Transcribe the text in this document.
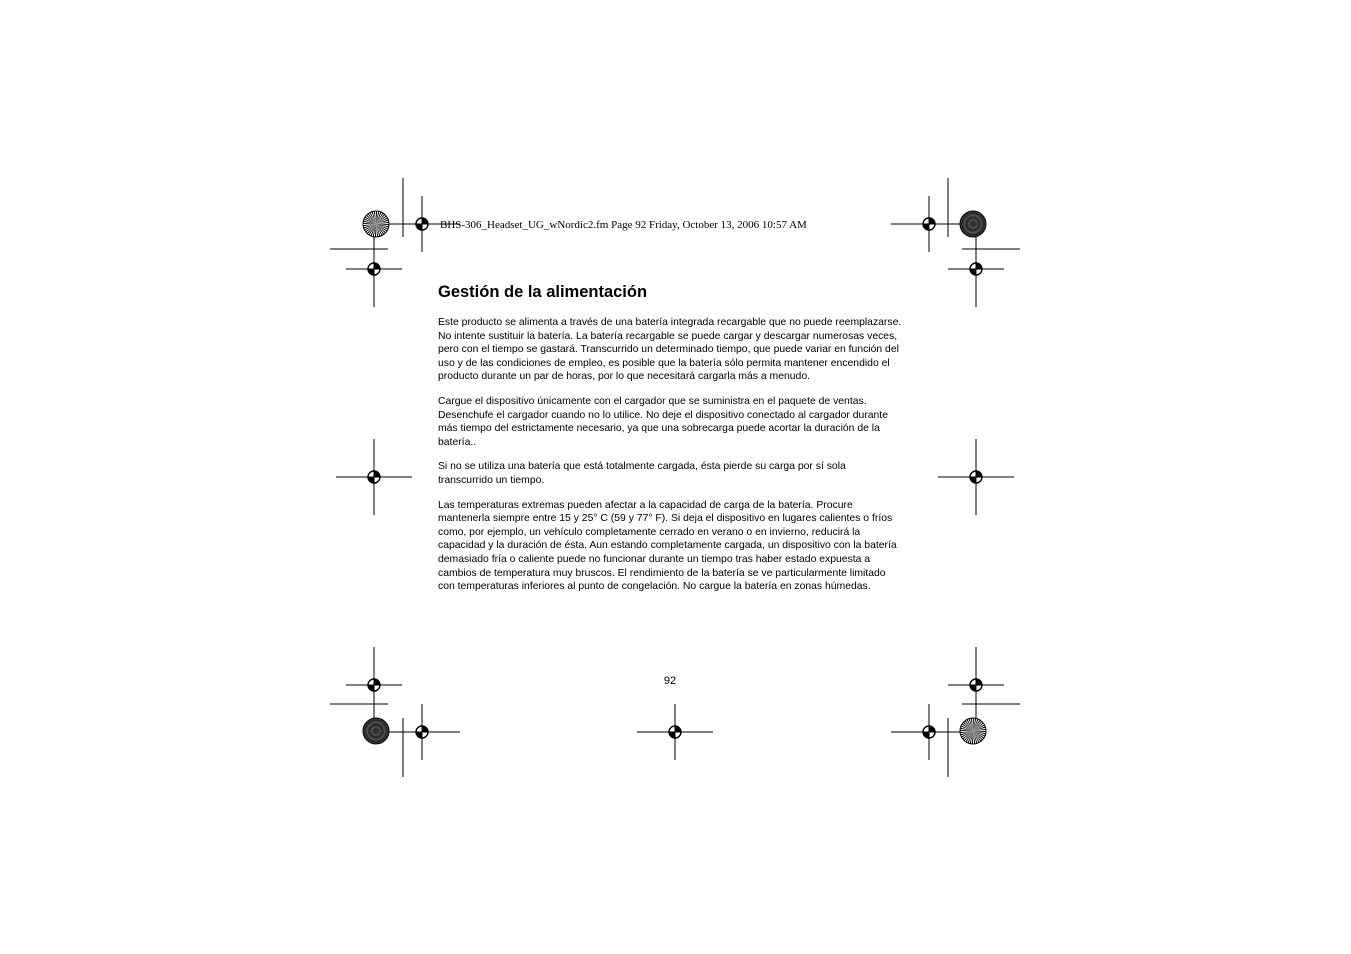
BHS-306_Headset_UG_wNordic2.fm Page 92 Friday, October 13, 2006 10:57 AM
Gestión de la alimentación

Este producto se alimenta a través de una batería integrada recargable que no puede reemplazarse. No intente sustituir la batería. La batería recargable se puede cargar y descargar numerosas veces, pero con el tiempo se gastará. Transcurrido un determinado tiempo, que puede variar en función del uso y de las condiciones de empleo, es posible que la batería sólo permita mantener encendido el producto durante un par de horas, por lo que necesitará cargarla más a menudo.

Cargue el dispositivo únicamente con el cargador que se suministra en el paquete de ventas. Desenchufe el cargador cuando no lo utilice. No deje el dispositivo conectado al cargador durante más tiempo del estrictamente necesario, ya que una sobrecarga puede acortar la duración de la batería..

Si no se utiliza una batería que está totalmente cargada, ésta pierde su carga por sí sola transcurrido un tiempo.

Las temperaturas extremas pueden afectar a la capacidad de carga de la batería. Procure mantenerla siempre entre 15 y 25° C (59 y 77° F). Si deja el dispositivo en lugares calientes o fríos como, por ejemplo, un vehículo completamente cerrado en verano o en invierno, reducirá la capacidad y la duración de ésta. Aun estando completamente cargada, un dispositivo con la batería demasiado fría o caliente puede no funcionar durante un tiempo tras haber estado expuesta a cambios de temperatura muy bruscos. El rendimiento de la batería se ve particularmente limitado con temperaturas inferiores al punto de congelación. No cargue la batería en zonas húmedas.

92
